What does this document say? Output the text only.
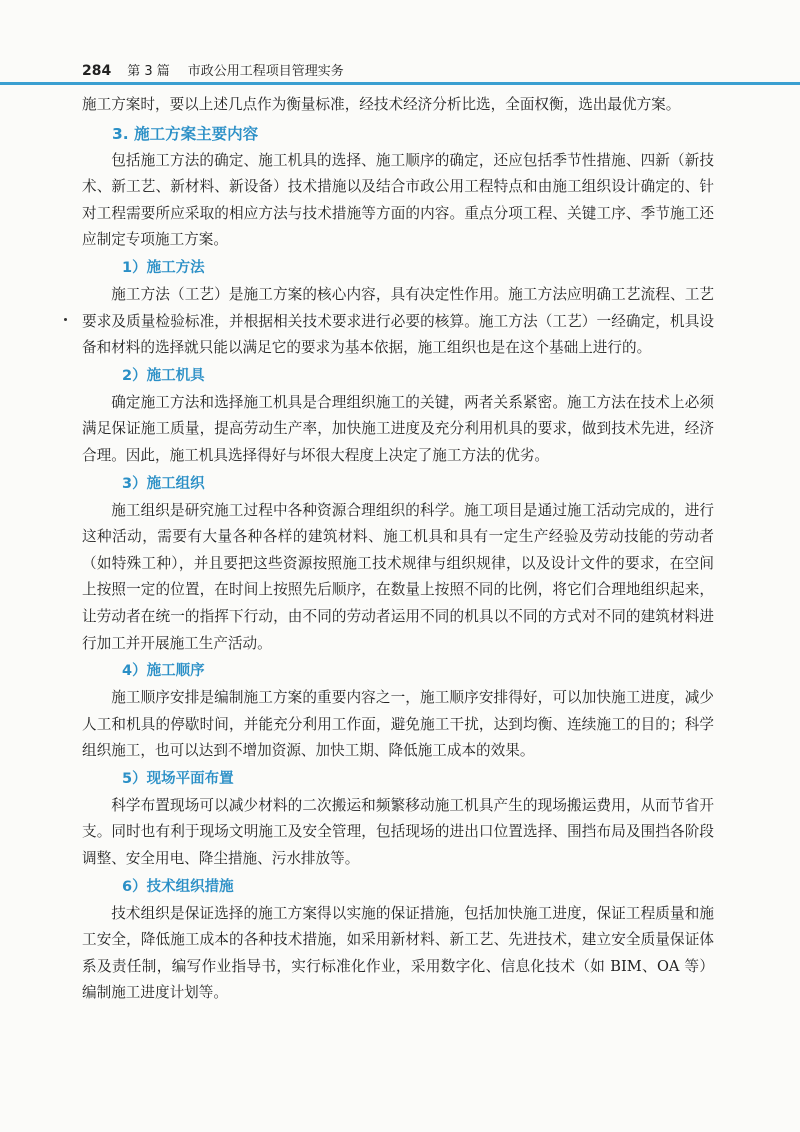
284 第 3 篇 市政公用工程项目管理实务

施工方案时，要以上述几点作为衡量标准，经技术经济分析比选，全面权衡，选出最优方案。

3. 施工方案主要内容

包括施工方法的确定、施工机具的选择、施工顺序的确定，还应包括季节性措施、四新（新技术、新工艺、新材料、新设备）技术措施以及结合市政公用工程特点和由施工组织设计确定的、针对工程需要所应采取的相应方法与技术措施等方面的内容。重点分项工程、关键工序、季节施工还应制定专项施工方案。

1）施工方法

施工方法（工艺）是施工方案的核心内容，具有决定性作用。施工方法应明确工艺流程、工艺要求及质量检验标准，并根据相关技术要求进行必要的核算。施工方法（工艺）一经确定，机具设备和材料的选择就只能以满足它的要求为基本依据，施工组织也是在这个基础上进行的。

2）施工机具

确定施工方法和选择施工机具是合理组织施工的关键，两者关系紧密。施工方法在技术上必须满足保证施工质量，提高劳动生产率，加快施工进度及充分利用机具的要求，做到技术先进，经济合理。因此，施工机具选择得好与坏很大程度上决定了施工方法的优劣。

3）施工组织

施工组织是研究施工过程中各种资源合理组织的科学。施工项目是通过施工活动完成的，进行这种活动，需要有大量各种各样的建筑材料、施工机具和具有一定生产经验及劳动技能的劳动者（如特殊工种），并且要把这些资源按照施工技术规律与组织规律，以及设计文件的要求，在空间上按照一定的位置，在时间上按照先后顺序，在数量上按照不同的比例，将它们合理地组织起来，让劳动者在统一的指挥下行动，由不同的劳动者运用不同的机具以不同的方式对不同的建筑材料进行加工并开展施工生产活动。

4）施工顺序

施工顺序安排是编制施工方案的重要内容之一，施工顺序安排得好，可以加快施工进度，减少人工和机具的停歇时间，并能充分利用工作面，避免施工干扰，达到均衡、连续施工的目的；科学组织施工，也可以达到不增加资源、加快工期、降低施工成本的效果。

5）现场平面布置

科学布置现场可以减少材料的二次搬运和频繁移动施工机具产生的现场搬运费用，从而节省开支。同时也有利于现场文明施工及安全管理，包括现场的进出口位置选择、围挡布局及围挡各阶段调整、安全用电、降尘措施、污水排放等。

6）技术组织措施

技术组织是保证选择的施工方案得以实施的保证措施，包括加快施工进度，保证工程质量和施工安全，降低施工成本的各种技术措施，如采用新材料、新工艺、先进技术，建立安全质量保证体系及责任制，编写作业指导书，实行标准化作业，采用数字化、信息化技术（如 BIM、OA 等）编制施工进度计划等。
